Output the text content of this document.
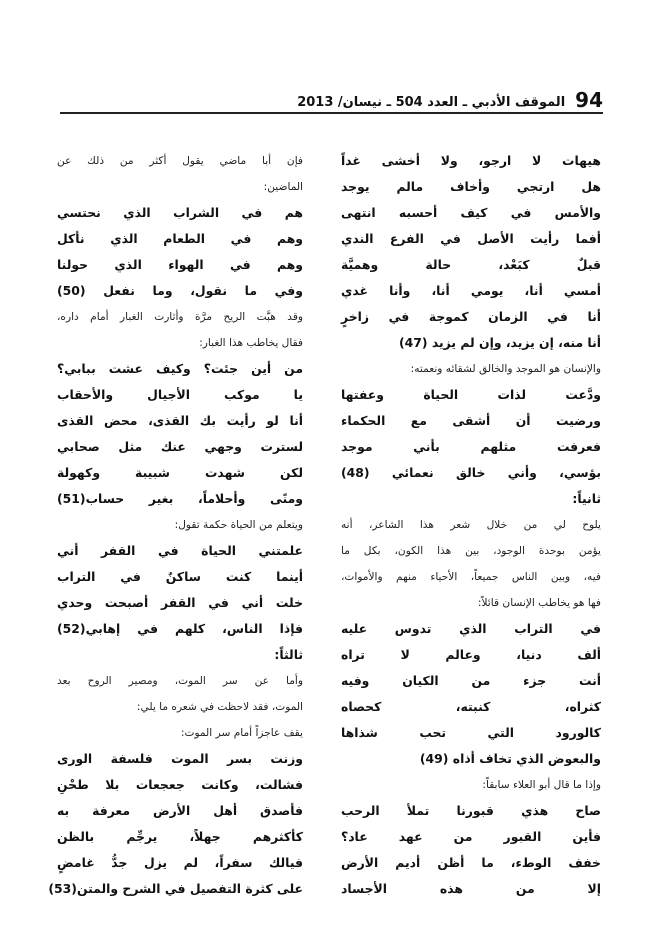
الموقف الأدبي ـ العدد 504 ـ نيسان/ 2013 94
هيهات لا ارجو، ولا أخشى غداً
هل ارتجي وأخاف مالم يوجد
والأمس في كيف أحسبه انتهى
أفما رأيت الأصل في الفرع الندي
قبلٌ كبَعْد، حالة وهميَّة
أمسي أنا، يومي أنا، وأنا غدي
أنا في الزمان كموجة في زاخرٍ
أنا منه، إن يزيد، وإن لم يزيد (47)
والإنسان هو الموجد والخالق لشقائه ونعمته:
ودَّعت لذات الحياة وعفتها
ورضيت أن أشقى مع الحكماء
فعرفت مثلهم بأني موجد
بؤسي، وأني خالق نعمائي (48)
ثانياً:
يلوح لي من خلال شعر هذا الشاعر، أنه
يؤمن بوحدة الوجود، بين هذا الكون، بكل ما
فيه، وبين الناس جميعاً، الأحياء منهم والأموات،
فها هو يخاطب الإنسان قائلاً:
في التراب الذي تدوس عليه
ألف دنيا، وعالم لا تراه
أنت جزء من الكيان وفيه
كثراه، كنبته، كحصاه
كالورود التي تحب شذاها
والبعوض الذي تخاف أذاه (49)
وإذا ما قال أبو العلاء سابقاً:
صاح هذي قبورنا تملأ الرحب
فأين القبور من عهد عاد؟
خفف الوطء، ما أظن أديم الأرض
إلا من هذه الأجساد
فإن أبا ماضي يقول أكثر من ذلك عن
الماضين:
هم في الشراب الذي نحتسي
وهم في الطعام الذي نأكل
وهم في الهواء الذي حولنا
وفي ما نقول، وما نفعل (50)
وقد هبَّت الريح مرَّة وأثارت الغبار أمام داره،
فقال يخاطب هذا الغبار:
من أين جئت؟ وكيف عشت ببابي؟
يا موكب الأجيال والأحقاب
أنا لو رأيت بك القذى، محض القذى
لسترت وجهي عنك مثل صحابي
لكن شهدت شبيبة وكهولة
ومنًى وأحلاماً، بغير حساب(51)
ويتعلم من الحياة حكمة تقول:
علمتني الحياة في القفر أني
أينما كنت ساكنٌ في التراب
خلت أني في القفر أصبحت وحدي
فإذا الناس، كلهم في إهابي(52)
ثالثاً:
وأما عن سر الموت، ومصير الروح بعد
الموت، فقد لاحظت في شعره ما يلي:
يقف عاجزاً أمام سر الموت:
وزنت بسر الموت فلسفة الورى
فشالت، وكانت جعجعات بلا طحْنِ
فأصدق أهل الأرض معرفة به
كأكثرهم جهلاً، يرجِّم بالظن
فيالك سفراً، لم يزل جدُّ غامضٍ
على كثرة التفصيل في الشرح والمتن(53)
